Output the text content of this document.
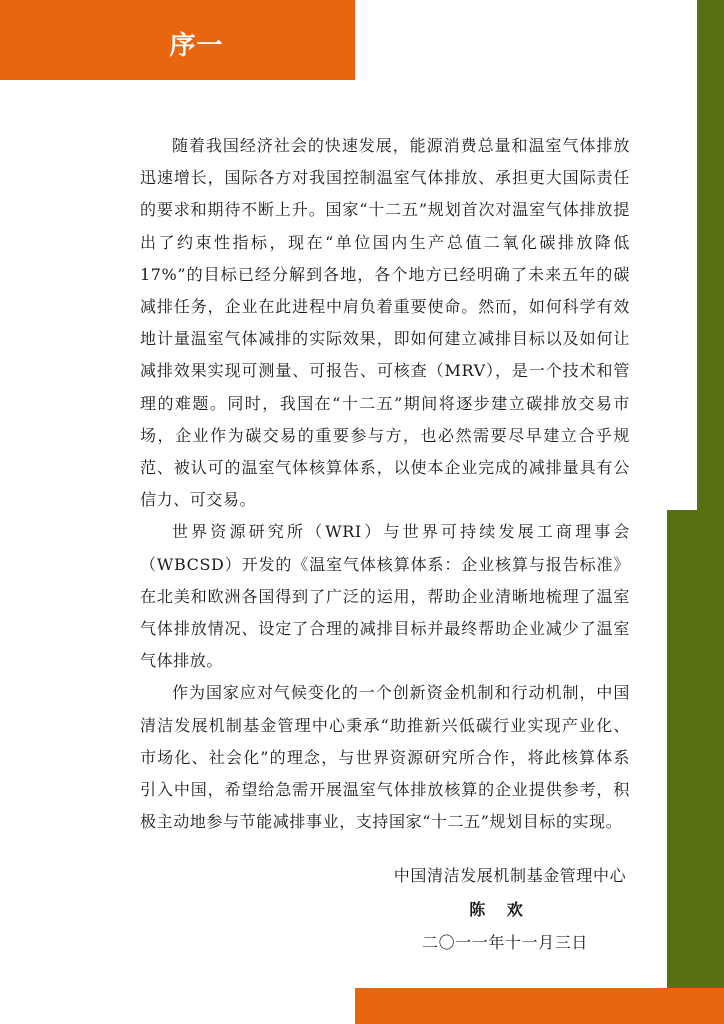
序一

随着我国经济社会的快速发展，能源消费总量和温室气体排放迅速增长，国际各方对我国控制温室气体排放、承担更大国际责任的要求和期待不断上升。国家“十二五”规划首次对温室气体排放提出了约束性指标，现在“单位国内生产总值二氧化碳排放降低 17%”的目标已经分解到各地，各个地方已经明确了未来五年的碳减排任务，企业在此进程中肩负着重要使命。然而，如何科学有效地计量温室气体减排的实际效果，即如何建立减排目标以及如何让减排效果实现可测量、可报告、可核查（MRV），是一个技术和管理的难题。同时，我国在“十二五”期间将逐步建立碳排放交易市场，企业作为碳交易的重要参与方，也必然需要尽早建立合乎规范、被认可的温室气体核算体系，以使本企业完成的减排量具有公信力、可交易。

世界资源研究所（WRI）与世界可持续发展工商理事会（WBCSD）开发的《温室气体核算体系：企业核算与报告标准》在北美和欧洲各国得到了广泛的运用，帮助企业清晰地梳理了温室气体排放情况、设定了合理的减排目标并最终帮助企业减少了温室气体排放。

作为国家应对气候变化的一个创新资金机制和行动机制，中国清洁发展机制基金管理中心秉承“助推新兴低碳行业实现产业化、市场化、社会化”的理念，与世界资源研究所合作，将此核算体系引入中国，希望给急需开展温室气体排放核算的企业提供参考，积极主动地参与节能减排事业，支持国家“十二五”规划目标的实现。

中国清洁发展机制基金管理中心
陈 欢
二〇一一年十一月三日
